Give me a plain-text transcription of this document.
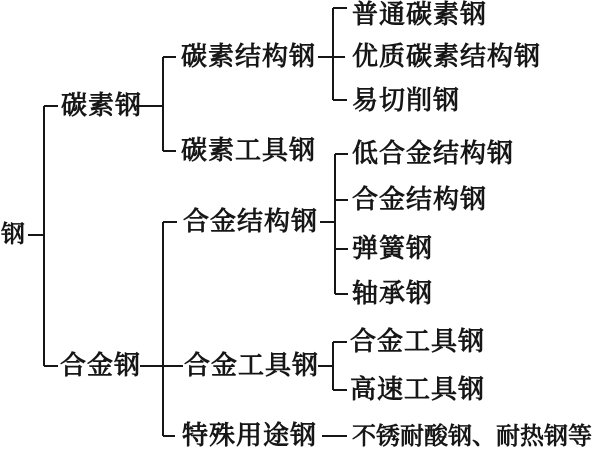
钢
碳素钢
合金钢
碳素结构钢
碳素工具钢
合金结构钢
合金工具钢
特殊用途钢
普通碳素钢
优质碳素结构钢
易切削钢
低合金结构钢
合金结构钢
弹簧钢
轴承钢
合金工具钢
高速工具钢
不锈耐酸钢、耐热钢等
